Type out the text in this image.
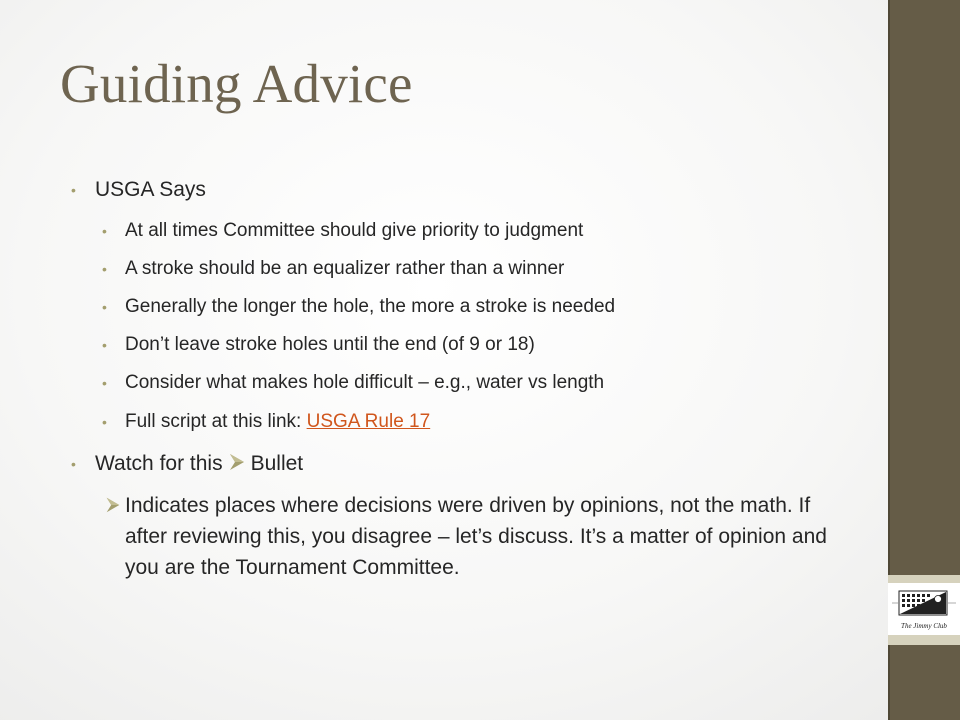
The Jimmy Club
Guiding Advice
• USGA Says
• At all times Committee should give priority to judgment
• A stroke should be an equalizer rather than a winner
• Generally the longer the hole, the more a stroke is needed
• Don’t leave stroke holes until the end (of 9 or 18)
• Consider what makes hole difficult – e.g., water vs length
• Full script at this link: USGA Rule 17
• Watch for this Bullet
Indicates places where decisions were driven by opinions, not the math. If after reviewing this, you disagree – let’s discuss. It’s a matter of opinion and you are the Tournament Committee.
